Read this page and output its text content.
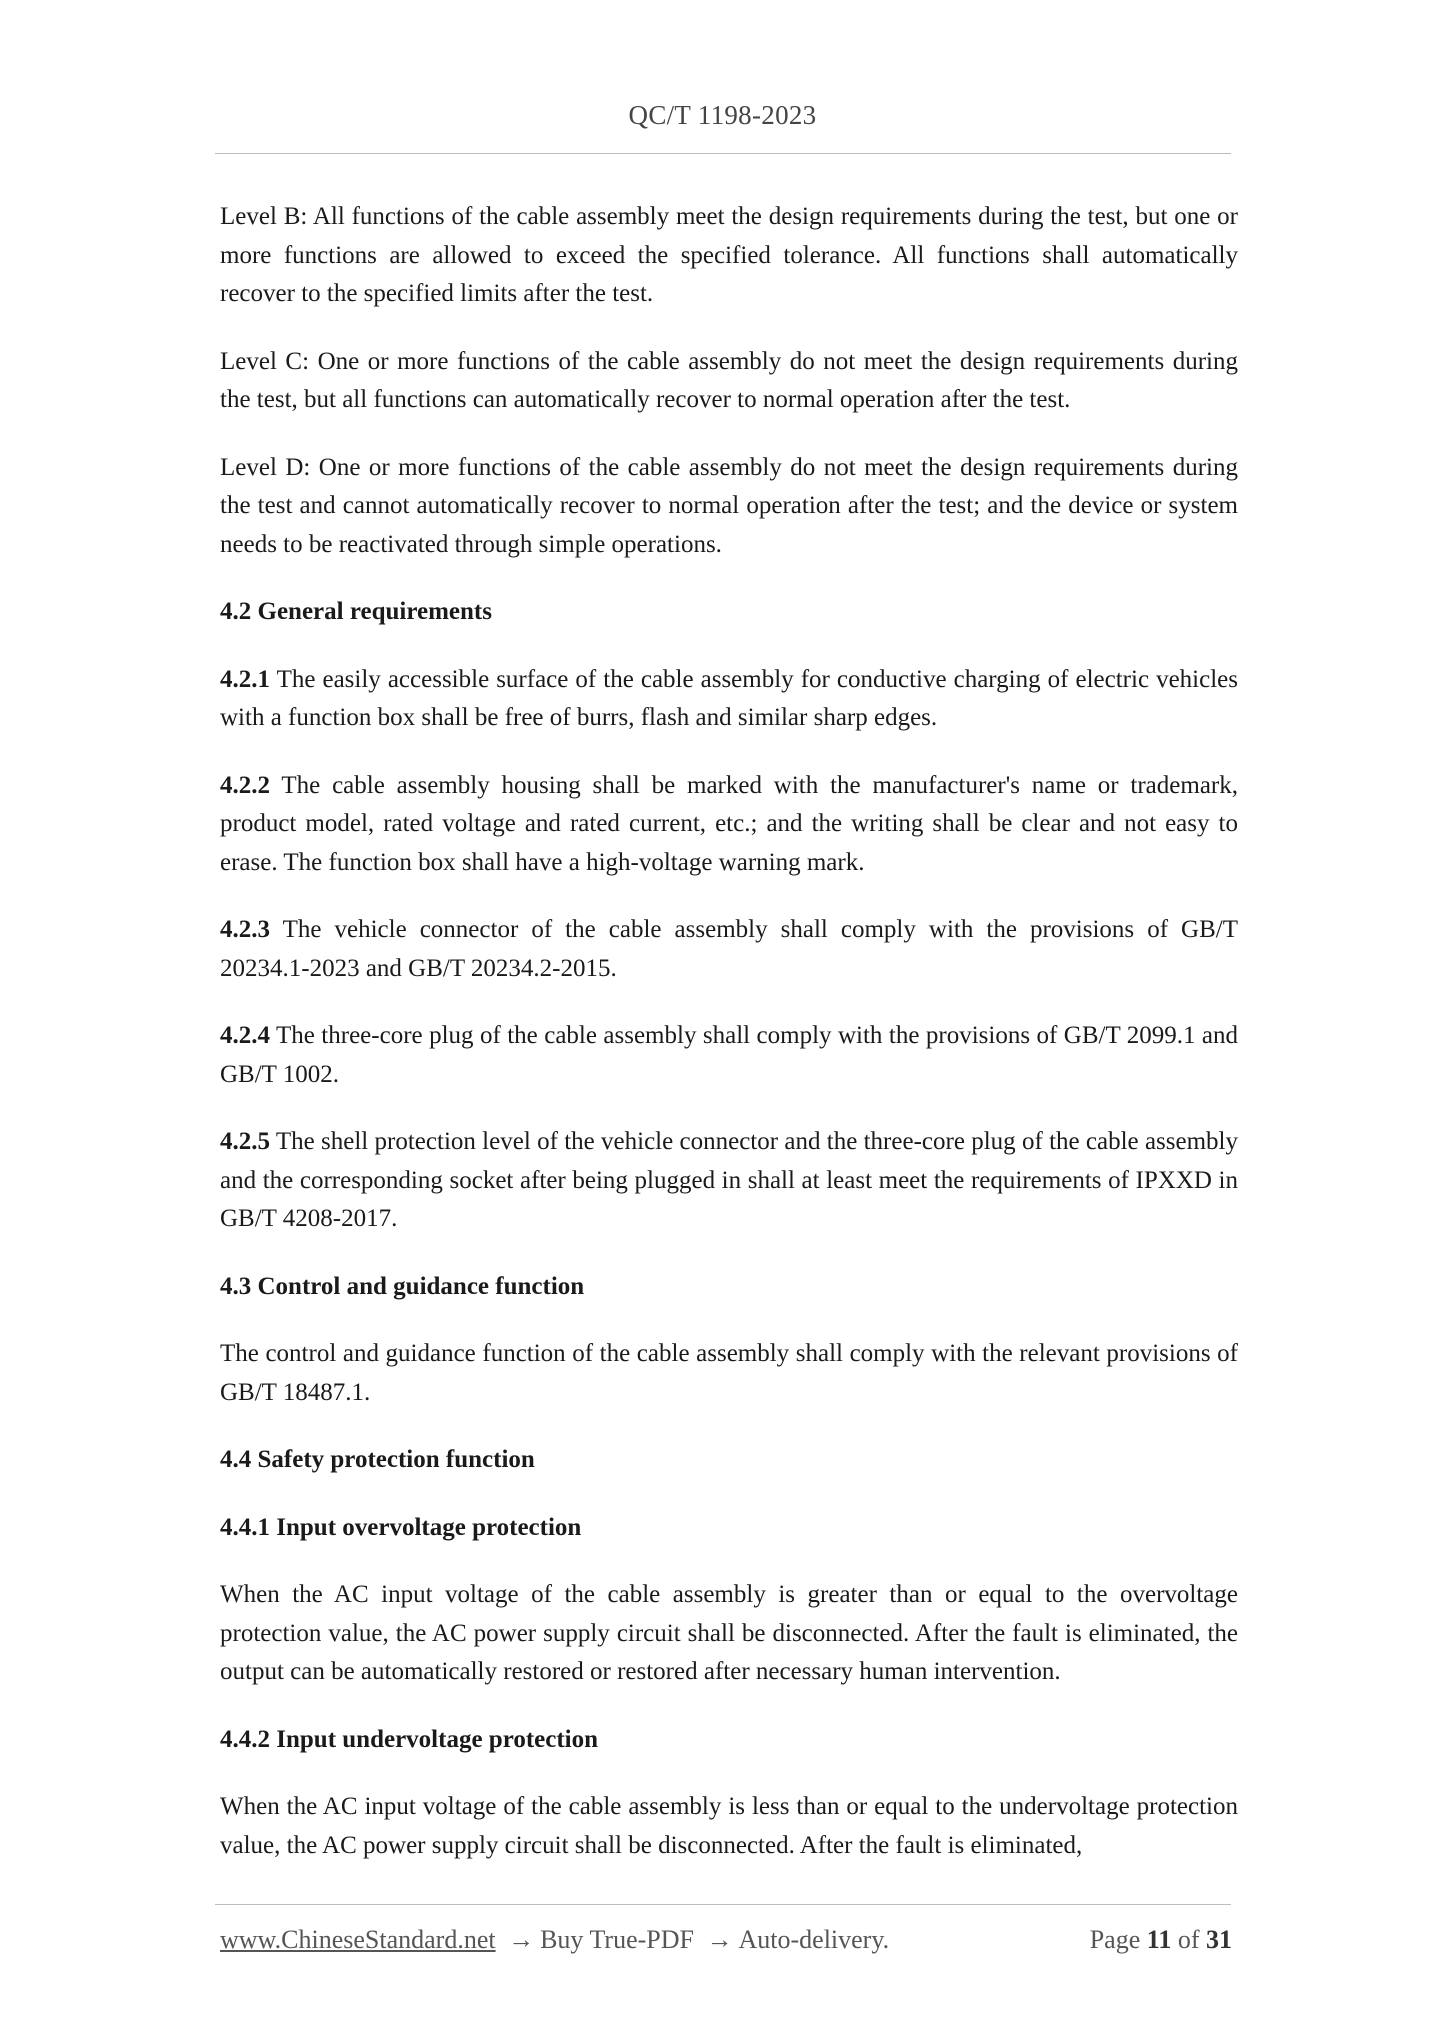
QC/T 1198-2023

Level B: All functions of the cable assembly meet the design requirements during the test, but one or more functions are allowed to exceed the specified tolerance. All functions shall automatically recover to the specified limits after the test.

Level C: One or more functions of the cable assembly do not meet the design requirements during the test, but all functions can automatically recover to normal operation after the test.

Level D: One or more functions of the cable assembly do not meet the design requirements during the test and cannot automatically recover to normal operation after the test; and the device or system needs to be reactivated through simple operations.

4.2 General requirements

4.2.1 The easily accessible surface of the cable assembly for conductive charging of electric vehicles with a function box shall be free of burrs, flash and similar sharp edges.

4.2.2 The cable assembly housing shall be marked with the manufacturer's name or trademark, product model, rated voltage and rated current, etc.; and the writing shall be clear and not easy to erase. The function box shall have a high-voltage warning mark.

4.2.3 The vehicle connector of the cable assembly shall comply with the provisions of GB/T 20234.1-2023 and GB/T 20234.2-2015.

4.2.4 The three-core plug of the cable assembly shall comply with the provisions of GB/T 2099.1 and GB/T 1002.

4.2.5 The shell protection level of the vehicle connector and the three-core plug of the cable assembly and the corresponding socket after being plugged in shall at least meet the requirements of IPXXD in GB/T 4208-2017.

4.3 Control and guidance function

The control and guidance function of the cable assembly shall comply with the relevant provisions of GB/T 18487.1.

4.4 Safety protection function

4.4.1 Input overvoltage protection

When the AC input voltage of the cable assembly is greater than or equal to the overvoltage protection value, the AC power supply circuit shall be disconnected. After the fault is eliminated, the output can be automatically restored or restored after necessary human intervention.

4.4.2 Input undervoltage protection

When the AC input voltage of the cable assembly is less than or equal to the undervoltage protection value, the AC power supply circuit shall be disconnected. After the fault is eliminated,

www.ChineseStandard.net → Buy True-PDF → Auto-delivery.	Page 11 of 31
